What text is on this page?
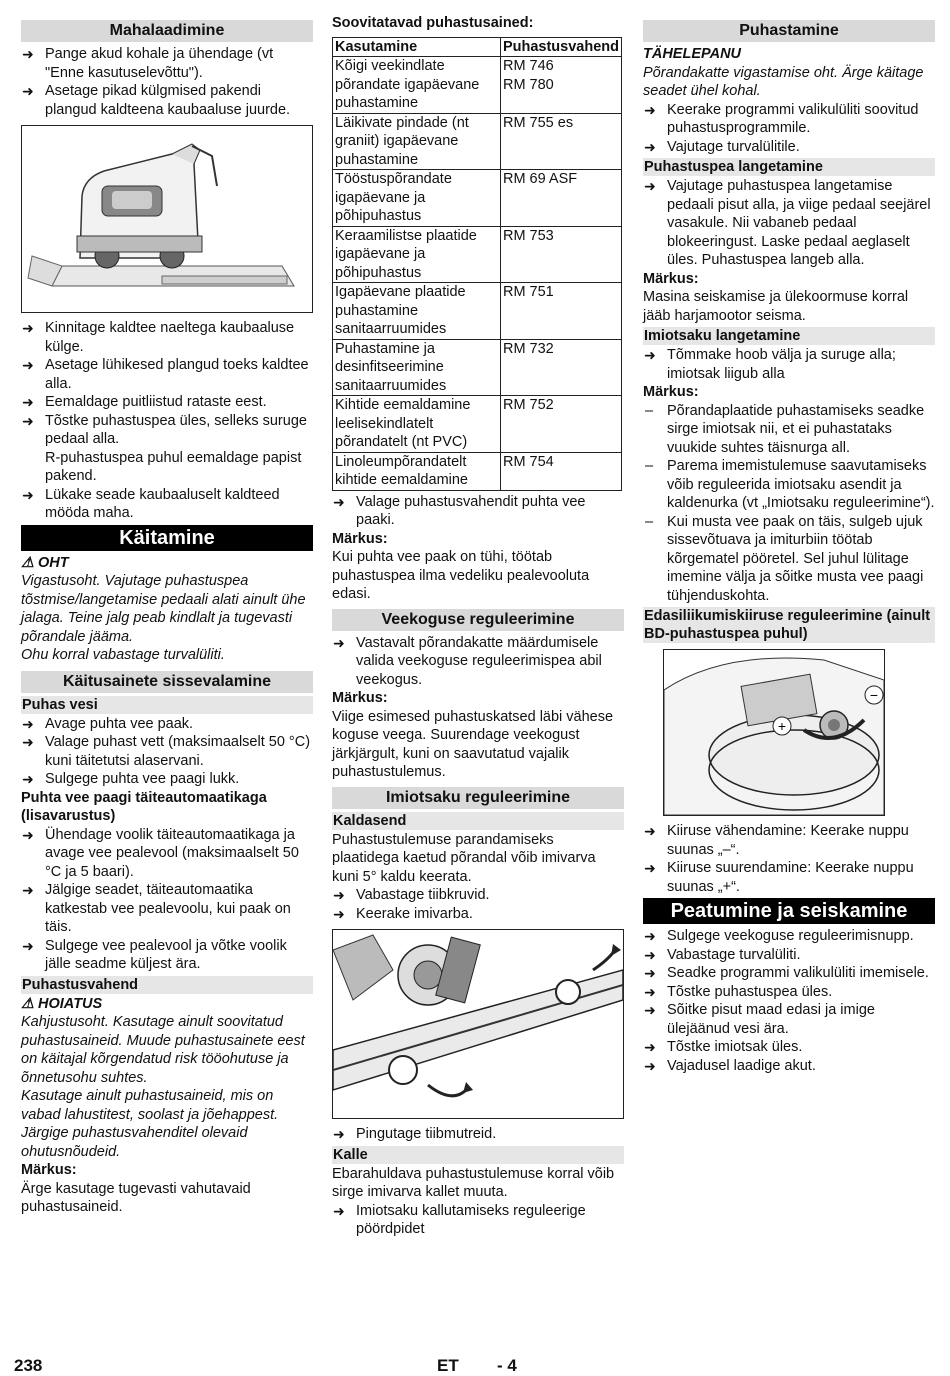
Mahalaadimine
➜ Pange akud kohale ja ühendage (vt "Enne kasutuselevõttu").
➜ Asetage pikad külgmised pakendi plangud kaldteena kaubaaluse juurde.
➜ Kinnitage kaldtee naeltega kaubaaluse külge.
➜ Asetage lühikesed plangud toeks kaldtee alla.
➜ Eemaldage puitliistud rataste eest.
➜ Tõstke puhastuspea üles, selleks suruge pedaal alla.
R-puhastuspea puhul eemaldage papist pakend.
➜ Lükake seade kaubaaluselt kaldteed mööda maha.
Käitamine
⚠ OHT
Vigastusoht. Vajutage puhastuspea tõstmise/langetamise pedaali alati ainult ühe jalaga. Teine jalg peab kindlalt ja tugevasti põrandale jääma.
Ohu korral vabastage turvalüliti.
Käitusainete sissevalamine
Puhas vesi
➜ Avage puhta vee paak.
➜ Valage puhast vett (maksimaalselt 50 °C) kuni täitetutsi alaservani.
➜ Sulgege puhta vee paagi lukk.
Puhta vee paagi täiteautomaatikaga (lisavarustus)
➜ Ühendage voolik täiteautomaatikaga ja avage vee pealevool (maksimaalselt 50 °C ja 5 baari).
➜ Jälgige seadet, täiteautomaatika katkestab vee pealevoolu, kui paak on täis.
➜ Sulgege vee pealevool ja võtke voolik jälle seadme küljest ära.
Puhastusvahend
⚠ HOIATUS
Kahjustusoht. Kasutage ainult soovitatud puhastusaineid. Muude puhastusainete eest on käitajal kõrgendatud risk tööohutuse ja õnnetusohu suhtes.
Kasutage ainult puhastusaineid, mis on vabad lahustitest, soolast ja jõehappest.
Järgige puhastusvahenditel olevaid ohutusnõudeid.
Märkus:
Ärge kasutage tugevasti vahutavaid puhastusaineid.
Soovitatavad puhastusained:
Kasutamine	Puhastusvahend
Kõigi veekindlate põrandate igapäevane puhastamine	RM 746
RM 780
Läikivate pindade (nt graniit) igapäevane puhastamine	RM 755 es
Tööstuspõrandate igapäevane ja põhipuhastus	RM 69 ASF
Keraamilistse plaatide igapäevane ja põhipuhastus	RM 753
Igapäevane plaatide puhastamine sanitaarruumides	RM 751
Puhastamine ja desinfitseerimine sanitaarruumides	RM 732
Kihtide eemaldamine leelisekindlatelt põrandatelt (nt PVC)	RM 752
Linoleumpõrandatelt kihtide eemaldamine	RM 754
➜ Valage puhastusvahendit puhta vee paaki.
Märkus:
Kui puhta vee paak on tühi, töötab puhastuspea ilma vedeliku pealevooluta edasi.
Veekoguse reguleerimine
➜ Vastavalt põrandakatte määrdumisele valida veekoguse reguleerimispea abil veekogus.
Märkus:
Viige esimesed puhastuskatsed läbi vähese koguse veega. Suurendage veekogust järkjärgult, kuni on saavutatud vajalik puhastustulemus.
Imiotsaku reguleerimine
Kaldasend
Puhastustulemuse parandamiseks plaatidega kaetud põrandal võib imivarva kuni 5° kaldu keerata.
➜ Vabastage tiibkruvid.
➜ Keerake imivarba.
➜ Pingutage tiibmutreid.
Kalle
Ebarahuldava puhastustulemuse korral võib sirge imivarva kallet muuta.
➜ Imiotsaku kallutamiseks reguleerige pöördpidet
Puhastamine
TÄHELEPANU
Põrandakatte vigastamise oht. Ärge käitage seadet ühel kohal.
➜ Keerake programmi valikulüliti soovitud puhastusprogrammile.
➜ Vajutage turvalülitile.
Puhastuspea langetamine
➜ Vajutage puhastuspea langetamise pedaali pisut alla, ja viige pedaal seejärel vasakule. Nii vabaneb pedaal blokeeringust. Laske pedaal aeglaselt üles. Puhastuspea langeb alla.
Märkus:
Masina seiskamise ja ülekoormuse korral jääb harjamootor seisma.
Imiotsaku langetamine
➜ Tõmmake hoob välja ja suruge alla; imiotsak liigub alla
Märkus:
– Põrandaplaatide puhastamiseks seadke sirge imiotsak nii, et ei puhastataks vuukide suhtes täisnurga all.
– Parema imemistulemuse saavutamiseks võib reguleerida imiotsaku asendit ja kaldenurka (vt „Imiotsaku reguleerimine“).
– Kui musta vee paak on täis, sulgeb ujuk sissevõtuava ja imiturbiin töötab kõrgematel pööretel. Sel juhul lülitage imemine välja ja sõitke musta vee paagi tühjenduskohta.
Edasiliikumiskiiruse reguleerimine (ainult BD-puhastuspea puhul)
+
−
➜ Kiiruse vähendamine: Keerake nuppu suunas „–“.
➜ Kiiruse suurendamine: Keerake nuppu suunas „+“.
Peatumine ja seiskamine
➜ Sulgege veekoguse reguleerimisnupp.
➜ Vabastage turvalüliti.
➜ Seadke programmi valikulüliti imemisele.
➜ Tõstke puhastuspea üles.
➜ Sõitke pisut maad edasi ja imige ülejäänud vesi ära.
➜ Tõstke imiotsak üles.
➜ Vajadusel laadige akut.
238	ET - 4
